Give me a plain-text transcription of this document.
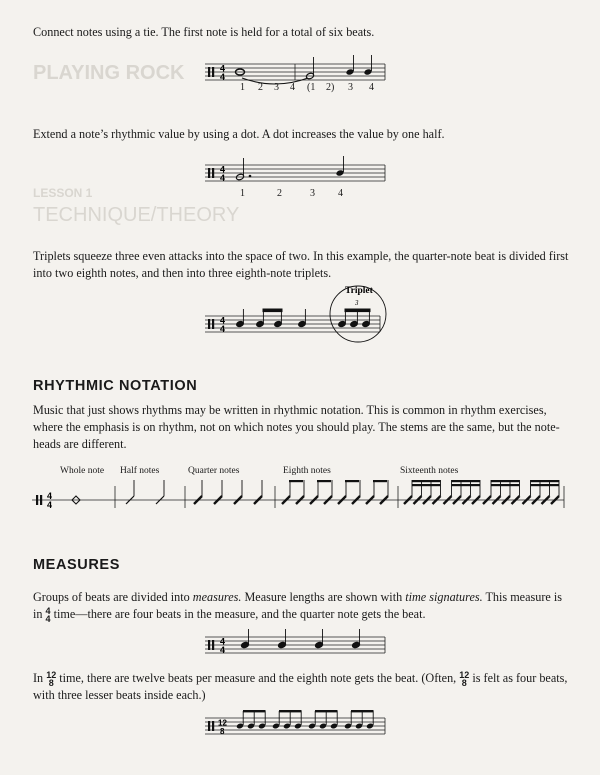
PLAYING ROCK
LESSON 1
TECHNIQUE/THEORY

Connect notes using a tie. The first note is held for a total of six beats.

4
4
1 2 3 4 (1 2) 3 4

Extend a note’s rhythmic value by using a dot. A dot increases the value by one half.

4
4
1	2	3 4

Triplets squeeze three even attacks into the space of two. In this example, the quarter-note beat is divided first into two eighth notes, and then into three eighth-note triplets.

4
4
Triplet
3
RHYTHMIC NOTATION

Music that just shows rhythms may be written in rhythmic notation. This is common in rhythm exercises, where the emphasis is on rhythm, not on which notes you should play. The stems are the same, but the note-heads are different.

Whole note Half notes	Quarter notes	Eighth notes	Sixteenth notes
4
4
MEASURES

Groups of beats are divided into measures. Measure lengths are shown with time signatures. This measure is in 4
4 time—there are four beats in the measure, and the quarter note gets the beat.

4
4

In 12
8 time, there are twelve beats per measure and the eighth note gets the beat. (Often, 12
8 is felt as four beats, with three lesser beats inside each.)

12
8
